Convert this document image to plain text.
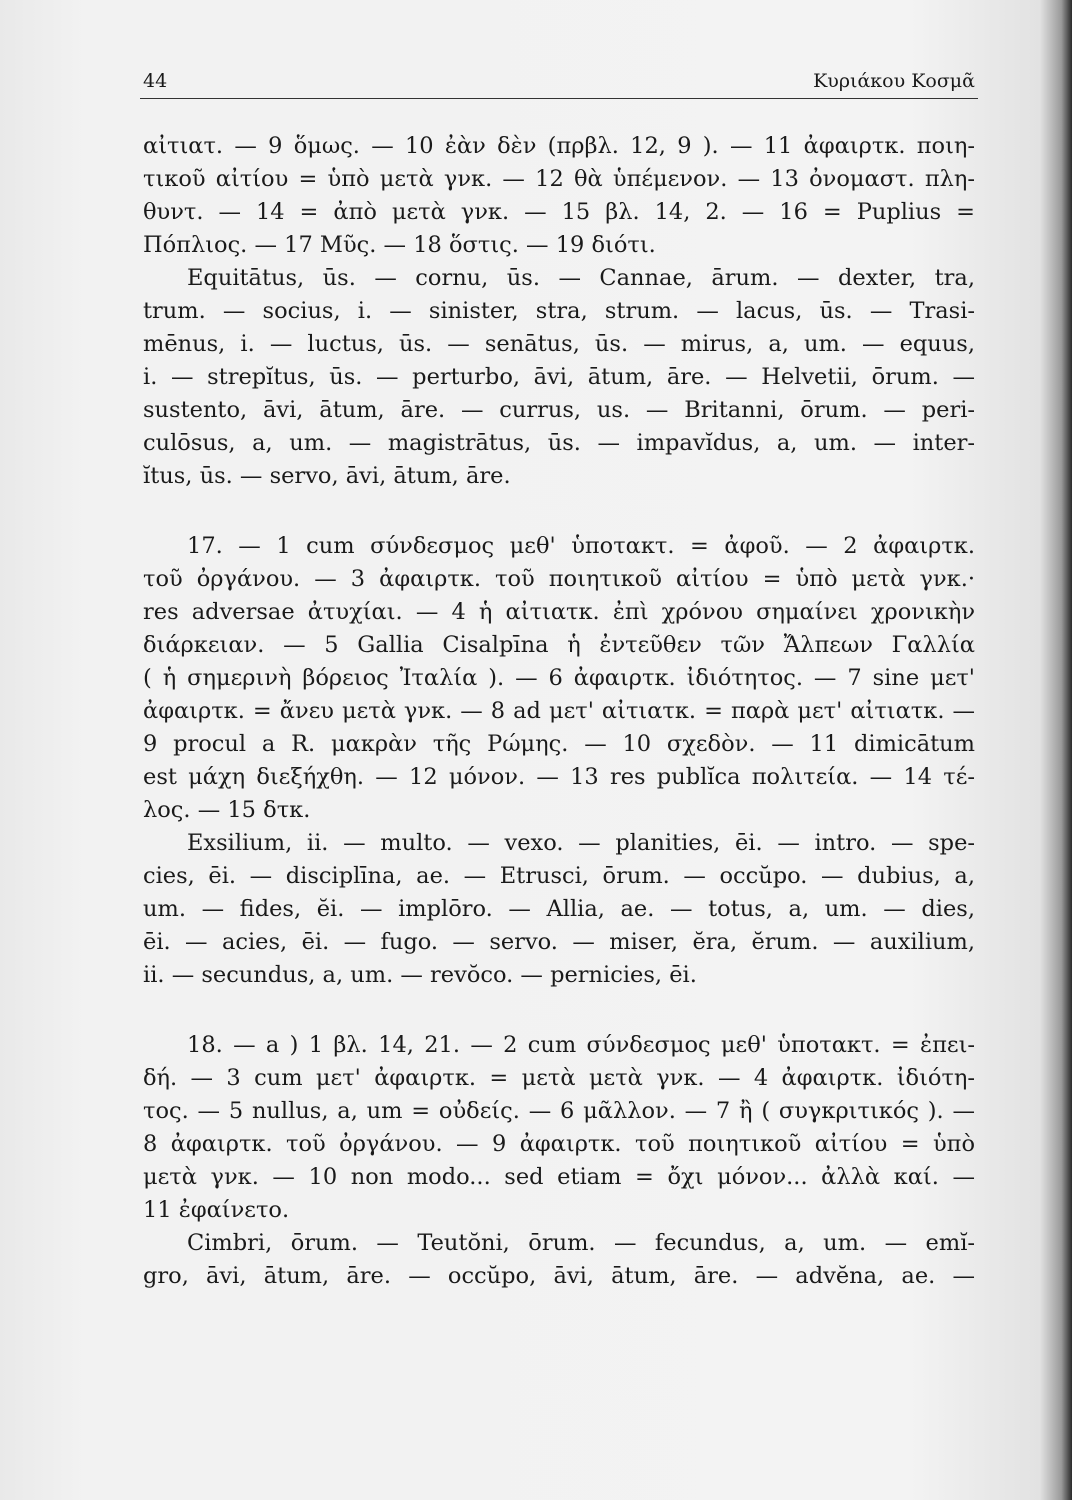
44	Κυριάκου Κοσμᾶ
αἰτιατ. — 9 ὅμως. — 10 ἐὰν δὲν (πρβλ. 12, 9 ). — 11 ἀφαιρτκ. ποιη-
τικοῦ αἰτίου = ὑπὸ μετὰ γνκ. — 12 θὰ ὑπέμενον. — 13 ὀνομαστ. πλη-
θυντ. — 14 = ἀπὸ μετὰ γνκ. — 15 βλ. 14, 2. — 16 = Puplius =
Πόπλιος. — 17 Μῦς. — 18 ὅστις. — 19 διότι.
Equitātus, ūs. — cornu, ūs. — Cannae, ārum. — dexter, tra,
trum. — socius, i. — sinister, stra, strum. — lacus, ūs. — Trasi-
mēnus, i. — luctus, ūs. — senātus, ūs. — mirus, a, um. — equus,
i. — strepĭtus, ūs. — perturbo, āvi, ātum, āre. — Helvetii, ōrum. —
sustento, āvi, ātum, āre. — currus, us. — Britanni, ōrum. — peri-
culōsus, a, um. — magistrātus, ūs. — impavĭdus, a, um. — inter-
ĭtus, ūs. — servo, āvi, ātum, āre.
17. — 1 cum σύνδεσμος μεθ' ὑποτακτ. = ἀφοῦ. — 2 ἀφαιρτκ.
τοῦ ὀργάνου. — 3 ἀφαιρτκ. τοῦ ποιητικοῦ αἰτίου = ὑπὸ μετὰ γνκ.·
res adversae ἀτυχίαι. — 4 ἡ αἰτιατκ. ἐπὶ χρόνου σημαίνει χρονικὴν
διάρκειαν. — 5 Gallia Cisalpīna ἡ ἐντεῦθεν τῶν Ἄλπεων Γαλλία
( ἡ σημερινὴ βόρειος Ἰταλία ). — 6 ἀφαιρτκ. ἰδιότητος. — 7 sine μετ'
ἀφαιρτκ. = ἄνευ μετὰ γνκ. — 8 ad μετ' αἰτιατκ. = παρὰ μετ' αἰτιατκ. —
9 procul a R. μακρὰν τῆς Ρώμης. — 10 σχεδὸν. — 11 dimicātum
est μάχη διεξήχθη. — 12 μόνον. — 13 res publĭca πολιτεία. — 14 τέ-
λος. — 15 δτκ.
Exsilium, ii. — multo. — vexo. — planities, ēi. — intro. — spe-
cies, ēi. — disciplīna, ae. — Etrusci, ōrum. — occŭpo. — dubius, a,
um. — fides, ĕi. — implōro. — Allia, ae. — totus, a, um. — dies,
ēi. — acies, ēi. — fugo. — servo. — miser, ĕra, ĕrum. — auxilium,
ii. — secundus, a, um. — revŏco. — pernicies, ēi.
18. — a ) 1 βλ. 14, 21. — 2 cum σύνδεσμος μεθ' ὑποτακτ. = ἐπει-
δή. — 3 cum μετ' ἀφαιρτκ. = μετὰ μετὰ γνκ. — 4 ἀφαιρτκ. ἰδιότη-
τος. — 5 nullus, a, um = οὐδείς. — 6 μᾶλλον. — 7 ἢ ( συγκριτικός ). —
8 ἀφαιρτκ. τοῦ ὀργάνου. — 9 ἀφαιρτκ. τοῦ ποιητικοῦ αἰτίου = ὑπὸ
μετὰ γνκ. — 10 non modo... sed etiam = ὄχι μόνον... ἀλλὰ καί. —
11 ἐφαίνετο.
Cimbri, ōrum. — Teutŏni, ōrum. — fecundus, a, um. — emĭ-
grо, āvi, ātum, āre. — occŭpo, āvi, ātum, āre. — advĕna, ae. —
